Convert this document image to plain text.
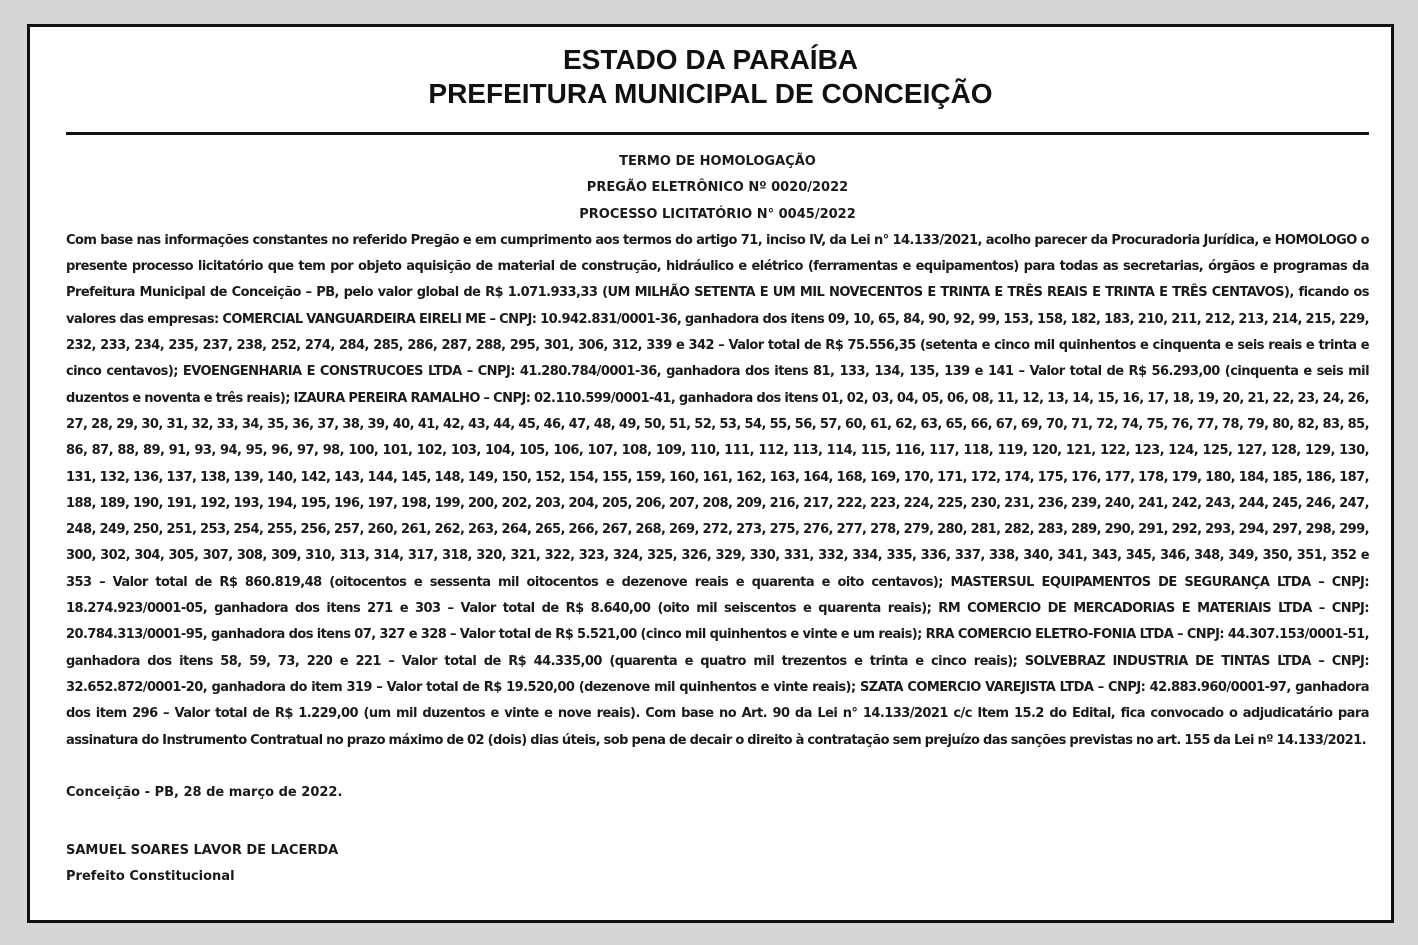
ESTADO DA PARAÍBA
PREFEITURA MUNICIPAL DE CONCEIÇÃO
TERMO DE HOMOLOGAÇÃO
PREGÃO ELETRÔNICO Nº 0020/2022
PROCESSO LICITATÓRIO N° 0045/2022

Com base nas informações constantes no referido Pregão e em cumprimento aos termos do artigo 71, inciso IV, da Lei n° 14.133/2021, acolho parecer da Procuradoria Jurídica, e HOMOLOGO o presente processo licitatório que tem por objeto aquisição de material de construção, hidráulico e elétrico (ferramentas e equipamentos) para todas as secretarias, órgãos e programas da Prefeitura Municipal de Conceição – PB, pelo valor global de R$ 1.071.933,33 (UM MILHÃO SETENTA E UM MIL NOVECENTOS E TRINTA E TRÊS REAIS E TRINTA E TRÊS CENTAVOS), ficando os valores das empresas: COMERCIAL VANGUARDEIRA EIRELI ME – CNPJ: 10.942.831/0001-36, ganhadora dos itens 09, 10, 65, 84, 90, 92, 99, 153, 158, 182, 183, 210, 211, 212, 213, 214, 215, 229, 232, 233, 234, 235, 237, 238, 252, 274, 284, 285, 286, 287, 288, 295, 301, 306, 312, 339 e 342 – Valor total de R$ 75.556,35 (setenta e cinco mil quinhentos e cinquenta e seis reais e trinta e cinco centavos); EVOENGENHARIA E CONSTRUCOES LTDA – CNPJ: 41.280.784/0001-36, ganhadora dos itens 81, 133, 134, 135, 139 e 141 – Valor total de R$ 56.293,00 (cinquenta e seis mil duzentos e noventa e três reais); IZAURA PEREIRA RAMALHO – CNPJ: 02.110.599/0001-41, ganhadora dos itens 01, 02, 03, 04, 05, 06, 08, 11, 12, 13, 14, 15, 16, 17, 18, 19, 20, 21, 22, 23, 24, 26, 27, 28, 29, 30, 31, 32, 33, 34, 35, 36, 37, 38, 39, 40, 41, 42, 43, 44, 45, 46, 47, 48, 49, 50, 51, 52, 53, 54, 55, 56, 57, 60, 61, 62, 63, 65, 66, 67, 69, 70, 71, 72, 74, 75, 76, 77, 78, 79, 80, 82, 83, 85, 86, 87, 88, 89, 91, 93, 94, 95, 96, 97, 98, 100, 101, 102, 103, 104, 105, 106, 107, 108, 109, 110, 111, 112, 113, 114, 115, 116, 117, 118, 119, 120, 121, 122, 123, 124, 125, 127, 128, 129, 130, 131, 132, 136, 137, 138, 139, 140, 142, 143, 144, 145, 148, 149, 150, 152, 154, 155, 159, 160, 161, 162, 163, 164, 168, 169, 170, 171, 172, 174, 175, 176, 177, 178, 179, 180, 184, 185, 186, 187, 188, 189, 190, 191, 192, 193, 194, 195, 196, 197, 198, 199, 200, 202, 203, 204, 205, 206, 207, 208, 209, 216, 217, 222, 223, 224, 225, 230, 231, 236, 239, 240, 241, 242, 243, 244, 245, 246, 247, 248, 249, 250, 251, 253, 254, 255, 256, 257, 260, 261, 262, 263, 264, 265, 266, 267, 268, 269, 272, 273, 275, 276, 277, 278, 279, 280, 281, 282, 283, 289, 290, 291, 292, 293, 294, 297, 298, 299, 300, 302, 304, 305, 307, 308, 309, 310, 313, 314, 317, 318, 320, 321, 322, 323, 324, 325, 326, 329, 330, 331, 332, 334, 335, 336, 337, 338, 340, 341, 343, 345, 346, 348, 349, 350, 351, 352 e 353 – Valor total de R$ 860.819,48 (oitocentos e sessenta mil oitocentos e dezenove reais e quarenta e oito centavos); MASTERSUL EQUIPAMENTOS DE SEGURANÇA LTDA – CNPJ: 18.274.923/0001-05, ganhadora dos itens 271 e 303 – Valor total de R$ 8.640,00 (oito mil seiscentos e quarenta reais); RM COMERCIO DE MERCADORIAS E MATERIAIS LTDA – CNPJ: 20.784.313/0001-95, ganhadora dos itens 07, 327 e 328 – Valor total de R$ 5.521,00 (cinco mil quinhentos e vinte e um reais); RRA COMERCIO ELETRO-FONIA LTDA – CNPJ: 44.307.153/0001-51, ganhadora dos itens 58, 59, 73, 220 e 221 – Valor total de R$ 44.335,00 (quarenta e quatro mil trezentos e trinta e cinco reais); SOLVEBRAZ INDUSTRIA DE TINTAS LTDA – CNPJ: 32.652.872/0001-20, ganhadora do item 319 – Valor total de R$ 19.520,00 (dezenove mil quinhentos e vinte reais); SZATA COMERCIO VAREJISTA LTDA – CNPJ: 42.883.960/0001-97, ganhadora dos item 296 – Valor total de R$ 1.229,00 (um mil duzentos e vinte e nove reais). Com base no Art. 90 da Lei n° 14.133/2021 c/c Item 15.2 do Edital, fica convocado o adjudicatário para assinatura do Instrumento Contratual no prazo máximo de 02 (dois) dias úteis, sob pena de decair o direito à contratação sem prejuízo das sanções previstas no art. 155 da Lei nº 14.133/2021.

Conceição - PB, 28 de março de 2022.
SAMUEL SOARES LAVOR DE LACERDA
Prefeito Constitucional
